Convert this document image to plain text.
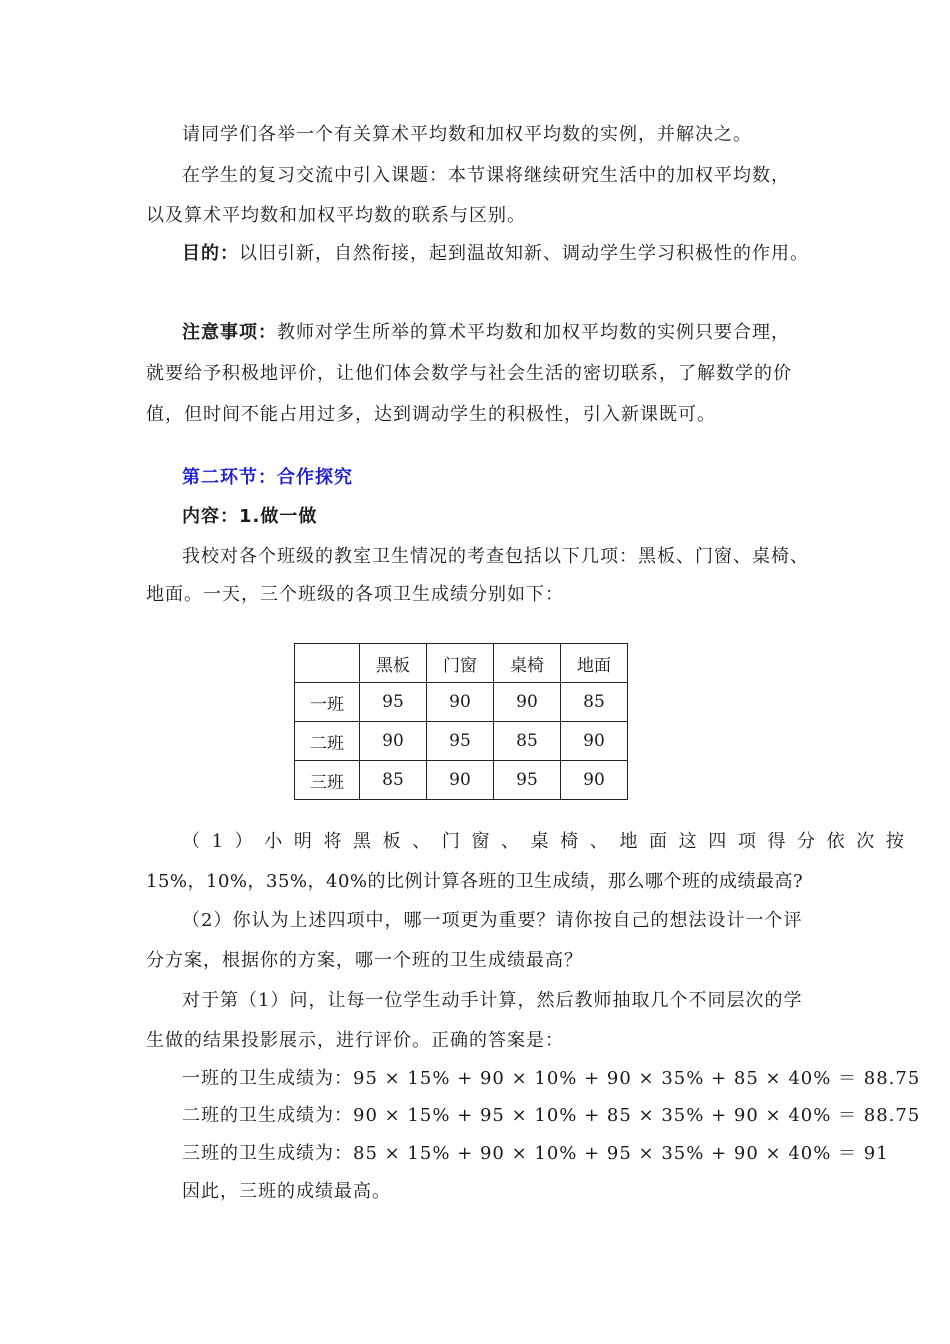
请同学们各举一个有关算术平均数和加权平均数的实例，并解决之。
在学生的复习交流中引入课题：本节课将继续研究生活中的加权平均数，
以及算术平均数和加权平均数的联系与区别。
目的：以旧引新，自然衔接，起到温故知新、调动学生学习积极性的作用。
注意事项：教师对学生所举的算术平均数和加权平均数的实例只要合理，
就要给予积极地评价，让他们体会数学与社会生活的密切联系，了解数学的价
值，但时间不能占用过多，达到调动学生的积极性，引入新课既可。
第二环节：合作探究
内容：1.做一做
我校对各个班级的教室卫生情况的考查包括以下几项：黑板、门窗、桌椅、
地面。一天，三个班级的各项卫生成绩分别如下：
	黑板	门窗	桌椅	地面
一班	95	90	90	85
二班	90	95	85	90
三班	85	90	95	90
（1）小明将黑板、门窗、桌椅、地面这四项得分依次按
15%，10%，35%，40%的比例计算各班的卫生成绩，那么哪个班的成绩最高?
（2）你认为上述四项中，哪一项更为重要？请你按自己的想法设计一个评
分方案，根据你的方案，哪一个班的卫生成绩最高？
对于第（1）问，让每一位学生动手计算，然后教师抽取几个不同层次的学
生做的结果投影展示，进行评价。正确的答案是：
一班的卫生成绩为：95 × 15% + 90 × 10% + 90 × 35% + 85 × 40% ＝ 88.75
二班的卫生成绩为：90 × 15% + 95 × 10% + 85 × 35% + 90 × 40% ＝ 88.75
三班的卫生成绩为：85 × 15% + 90 × 10% + 95 × 35% + 90 × 40% ＝ 91
因此，三班的成绩最高。
